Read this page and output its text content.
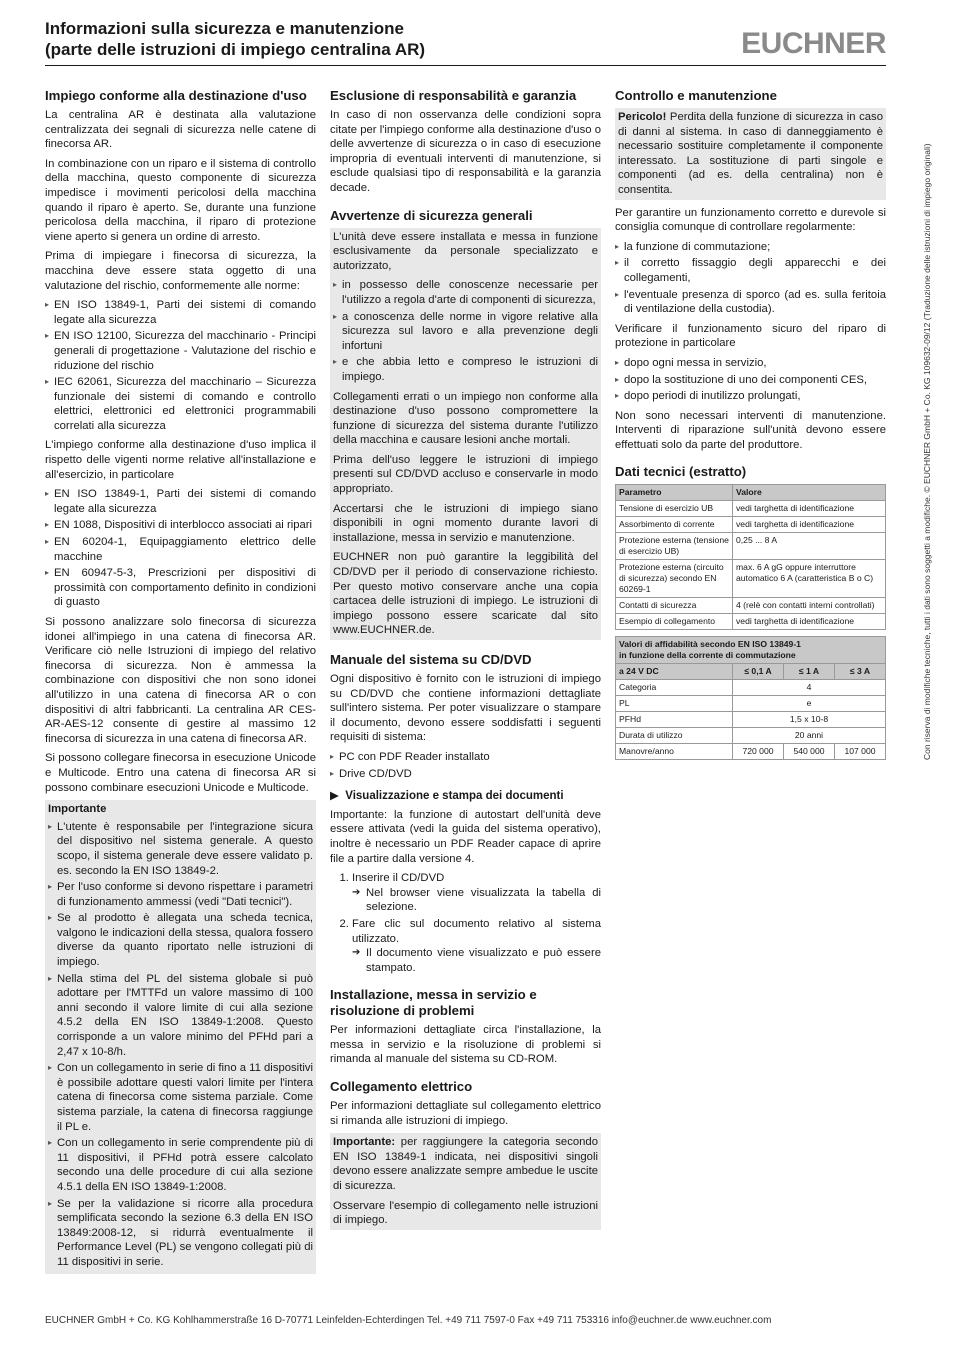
Informazioni sulla sicurezza e manutenzione
(parte delle istruzioni di impiego centralina AR)	EUCHNER
Con riserva di modifiche tecniche, tutti i dati sono soggetti a modifiche. © EUCHNER GmbH + Co. KG 109632-09/12 (Traduzione delle istruzioni di impiego originali)
Impiego conforme alla destinazione d'uso

La centralina AR è destinata alla valutazione centralizzata dei segnali di sicurezza nelle catene di finecorsa AR.

In combinazione con un riparo e il sistema di controllo della macchina, questo componente di sicurezza impedisce i movimenti pericolosi della macchina quando il riparo è aperto. Se, durante una funzione pericolosa della macchina, il riparo di protezione viene aperto si genera un ordine di arresto.

Prima di impiegare i finecorsa di sicurezza, la macchina deve essere stata oggetto di una valutazione del rischio, conformemente alle norme:

▸ EN ISO 13849-1, Parti dei sistemi di comando legate alla sicurezza
▸ EN ISO 12100, Sicurezza del macchinario - Principi generali di progettazione - Valutazione del rischio e riduzione del rischio
▸ IEC 62061, Sicurezza del macchinario – Sicurezza funzionale dei sistemi di comando e controllo elettrici, elettronici ed elettronici programmabili correlati alla sicurezza

L'impiego conforme alla destinazione d'uso implica il rispetto delle vigenti norme relative all'installazione e all'esercizio, in particolare

▸ EN ISO 13849-1, Parti dei sistemi di comando legate alla sicurezza
▸ EN 1088, Dispositivi di interblocco associati ai ripari
▸ EN 60204-1, Equipaggiamento elettrico delle macchine
▸ EN 60947-5-3, Prescrizioni per dispositivi di prossimità con comportamento definito in condizioni di guasto

Si possono analizzare solo finecorsa di sicurezza idonei all'impiego in una catena di finecorsa AR. Verificare ciò nelle Istruzioni di impiego del relativo finecorsa di sicurezza. Non è ammessa la combinazione con dispositivi che non sono idonei all'utilizzo in una catena di finecorsa AR o con dispositivi di altri fabbricanti. La centralina AR CES-AR-AES-12 consente di gestire al massimo 12 finecorsa di sicurezza in una catena di finecorsa AR.

Si possono collegare finecorsa in esecuzione Unicode e Multicode. Entro una catena di finecorsa AR si possono combinare esecuzioni Unicode e Multicode.

Importante
▸ L'utente è responsabile per l'integrazione sicura del dispositivo nel sistema generale. A questo scopo, il sistema generale deve essere validato p. es. secondo la EN ISO 13849-2.
▸ Per l'uso conforme si devono rispettare i parametri di funzionamento ammessi (vedi "Dati tecnici").
▸ Se al prodotto è allegata una scheda tecnica, valgono le indicazioni della stessa, qualora fossero diverse da quanto riportato nelle istruzioni di impiego.
▸ Nella stima del PL del sistema globale si può adottare per l'MTTFd un valore massimo di 100 anni secondo il valore limite di cui alla sezione 4.5.2 della EN ISO 13849-1:2008. Questo corrisponde a un valore minimo del PFHd pari a 2,47 x 10-8/h.
▸ Con un collegamento in serie di fino a 11 dispositivi è possibile adottare questi valori limite per l'intera catena di finecorsa come sistema parziale. Come sistema parziale, la catena di finecorsa raggiunge il PL e.
▸ Con un collegamento in serie comprendente più di 11 dispositivi, il PFHd potrà essere calcolato secondo una delle procedure di cui alla sezione 4.5.1 della EN ISO 13849-1:2008.
▸ Se per la validazione si ricorre alla procedura semplificata secondo la sezione 6.3 della EN ISO 13849:2008-12, si ridurrà eventualmente il Performance Level (PL) se vengono collegati più di 11 dispositivi in serie.
Esclusione di responsabilità e garanzia

In caso di non osservanza delle condizioni sopra citate per l'impiego conforme alla destinazione d'uso o delle avvertenze di sicurezza o in caso di esecuzione impropria di eventuali interventi di manutenzione, si esclude qualsiasi tipo di responsabilità e la garanzia decade.

Avvertenze di sicurezza generali

L'unità deve essere installata e messa in funzione esclusivamente da personale specializzato e autorizzato,

▸ in possesso delle conoscenze necessarie per l'utilizzo a regola d'arte di componenti di sicurezza,
▸ a conoscenza delle norme in vigore relative alla sicurezza sul lavoro e alla prevenzione degli infortuni
▸ e che abbia letto e compreso le istruzioni di impiego.

Collegamenti errati o un impiego non conforme alla destinazione d'uso possono compromettere la funzione di sicurezza del sistema durante l'utilizzo della macchina e causare lesioni anche mortali.

Prima dell'uso leggere le istruzioni di impiego presenti sul CD/DVD accluso e conservarle in modo appropriato.

Accertarsi che le istruzioni di impiego siano disponibili in ogni momento durante lavori di installazione, messa in servizio e manutenzione.

EUCHNER non può garantire la leggibilità del CD/DVD per il periodo di conservazione richiesto. Per questo motivo conservare anche una copia cartacea delle istruzioni di impiego. Le istruzioni di impiego possono essere scaricate dal sito www.EUCHNER.de.

Manuale del sistema su CD/DVD

Ogni dispositivo è fornito con le istruzioni di impiego su CD/DVD che contiene informazioni dettagliate sull'intero sistema. Per poter visualizzare o stampare il documento, devono essere soddisfatti i seguenti requisiti di sistema:

▸ PC con PDF Reader installato
▸ Drive CD/DVD
▶  Visualizzazione e stampa dei documenti

Importante: la funzione di autostart dell'unità deve essere attivata (vedi la guida del sistema operativo), inoltre è necessario un PDF Reader capace di aprire file a partire dalla versione 4.

1. Inserire il CD/DVD
➔ Nel browser viene visualizzata la tabella di selezione.
2. Fare clic sul documento relativo al sistema utilizzato.
➔ Il documento viene visualizzato e può essere stampato.
Installazione, messa in servizio e risoluzione di problemi

Per informazioni dettagliate circa l'installazione, la messa in servizio e la risoluzione di problemi si rimanda al manuale del sistema su CD-ROM.

Collegamento elettrico

Per informazioni dettagliate sul collegamento elettrico si rimanda alle istruzioni di impiego.

Importante: per raggiungere la categoria secondo EN ISO 13849-1 indicata, nei dispositivi singoli devono essere analizzate sempre ambedue le uscite di sicurezza.

Osservare l'esempio di collegamento nelle istruzioni di impiego.

Controllo e manutenzione
Pericolo! Perdita della funzione di sicurezza in caso di danni al sistema. In caso di danneggiamento è necessario sostituire completamente il componente interessato. La sostituzione di parti singole e componenti (ad es. della centralina) non è consentita.

Per garantire un funzionamento corretto e durevole si consiglia comunque di controllare regolarmente:

▸ la funzione di commutazione;
▸ il corretto fissaggio degli apparecchi e dei collegamenti,
▸ l'eventuale presenza di sporco (ad es. sulla feritoia di ventilazione della custodia).

Verificare il funzionamento sicuro del riparo di protezione in particolare

▸ dopo ogni messa in servizio,
▸ dopo la sostituzione di uno dei componenti CES,
▸ dopo periodi di inutilizzo prolungati,

Non sono necessari interventi di manutenzione. Interventi di riparazione sull'unità devono essere effettuati solo da parte del produttore.

Dati tecnici (estratto)
Parametro	Valore
Tensione di esercizio UB	vedi targhetta di identificazione
Assorbimento di corrente	vedi targhetta di identificazione
Protezione esterna (tensione di esercizio UB)	0,25 ... 8 A
Protezione esterna (circuito di sicurezza) secondo EN 60269-1	max. 6 A gG oppure interruttore automatico 6 A (caratteristica B o C)
Contatti di sicurezza	4 (relè con contatti interni controllati)
Esempio di collegamento	vedi targhetta di identificazione
Valori di affidabilità secondo EN ISO 13849-1
in funzione della corrente di commutazione			

a 24 V DC	≤ 0,1 A	≤ 1 A	≤ 3 A
Categoria	4		
PL	e		
PFHd	1,5 x 10-8		
Durata di utilizzo	20 anni		
Manovre/anno	720 000	540 000	107 000
EUCHNER GmbH + Co. KG Kohlhammerstraße 16 D-70771 Leinfelden-Echterdingen Tel. +49 711 7597-0 Fax +49 711 753316 info@euchner.de www.euchner.com
